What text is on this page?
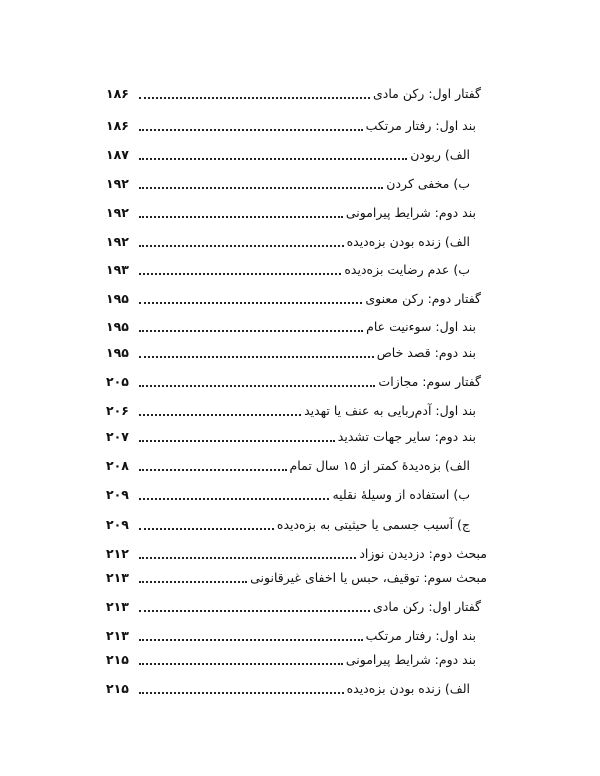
گفتار اول: رکن مادی
۱۸۶
بند اول: رفتار مرتکب
۱۸۶
الف) ربودن
۱۸۷
ب) مخفی کردن
۱۹۲
بند دوم: شرایط پیرامونی
۱۹۲
الف) زنده بودن بزه‌دیده
۱۹۲
ب) عدم رضایت بزه‌دیده
۱۹۳
گفتار دوم: رکن معنوی
۱۹۵
بند اول: سوءنیت عام
۱۹۵
بند دوم: قصد خاص
۱۹۵
گفتار سوم: مجازات
۲۰۵
بند اول: آدم‌ربایی به عنف یا تهدید
۲۰۶
بند دوم: سایر جهات تشدید
۲۰۷
الف) بزه‌دیدۀ کمتر از ۱۵ سال تمام
۲۰۸
ب) استفاده از وسیلۀ نقلیه
۲۰۹
ج) آسیب جسمی یا حیثیتی به بزه‌دیده
۲۰۹
مبحث دوم: دزدیدن نوزاد
۲۱۲
مبحث سوم: توقیف، حبس یا اخفای غیرقانونی
۲۱۳
گفتار اول: رکن مادی
۲۱۳
بند اول: رفتار مرتکب
۲۱۳
بند دوم: شرایط پیرامونی
۲۱۵
الف) زنده بودن بزه‌دیده
۲۱۵
